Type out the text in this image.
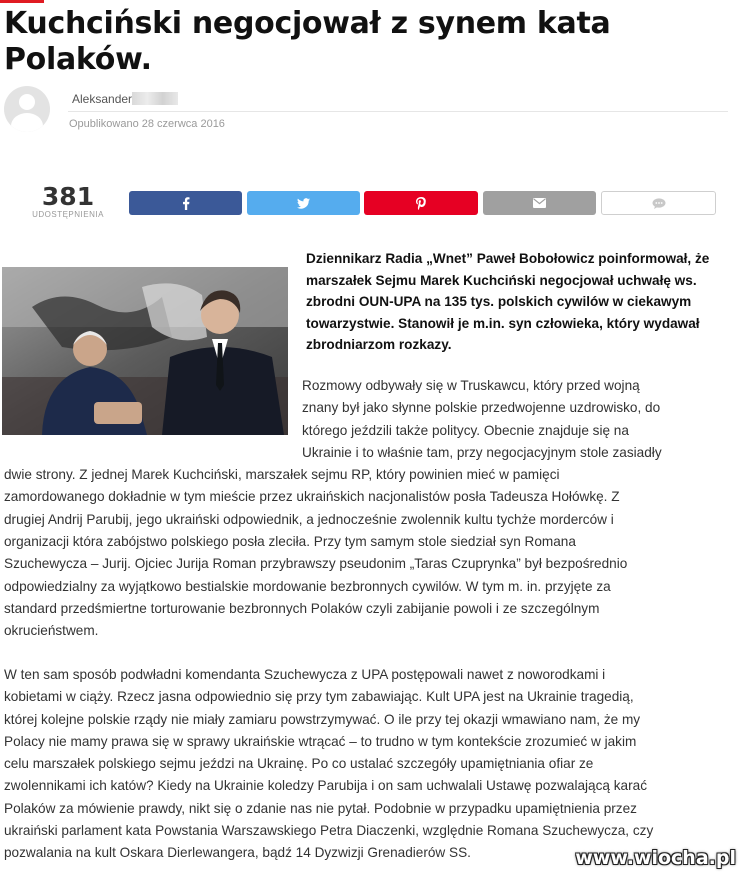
Kuchciński negocjował z synem kata Polaków.
Aleksander
Opublikowano 28 czerwca 2016
381
UDOSTĘPNIENIA

Dziennikarz Radia „Wnet” Paweł Bobołowicz poinformował, że marszałek Sejmu Marek Kuchciński negocjował uchwałę ws. zbrodni OUN-UPA na 135 tys. polskich cywilów w ciekawym towarzystwie. Stanowił je m.in. syn człowieka, który wydawał zbrodniarzom rozkazy.

Rozmowy odbywały się w Truskawcu, który przed wojną
znany był jako słynne polskie przedwojenne uzdrowisko, do
którego jeździli także politycy. Obecnie znajduje się na
Ukrainie i to właśnie tam, przy negocjacyjnym stole zasiadły
dwie strony. Z jednej Marek Kuchciński, marszałek sejmu RP, który powinien mieć w pamięci
zamordowanego dokładnie w tym mieście przez ukraińskich nacjonalistów posła Tadeusza Hołówkę. Z
drugiej Andrij Parubij, jego ukraiński odpowiednik, a jednocześnie zwolennik kultu tychże morderców i
organizacji która zabójstwo polskiego posła zleciła. Przy tym samym stole siedział syn Romana
Szuchewycza – Jurij. Ojciec Jurija Roman przybrawszy pseudonim „Taras Czuprynka” był bezpośrednio
odpowiedzialny za wyjątkowo bestialskie mordowanie bezbronnych cywilów. W tym m. in. przyjęte za
standard przedśmiertne torturowanie bezbronnych Polaków czyli zabijanie powoli i ze szczególnym
okrucieństwem.
W ten sam sposób podwładni komendanta Szuchewycza z UPA postępowali nawet z noworodkami i
kobietami w ciąży. Rzecz jasna odpowiednio się przy tym zabawiając. Kult UPA jest na Ukrainie tragedią,
której kolejne polskie rządy nie miały zamiaru powstrzymywać. O ile przy tej okazji wmawiano nam, że my
Polacy nie mamy prawa się w sprawy ukraińskie wtrącać – to trudno w tym kontekście zrozumieć w jakim
celu marszałek polskiego sejmu jeździ na Ukrainę. Po co ustalać szczegóły upamiętniania ofiar ze
zwolennikami ich katów? Kiedy na Ukrainie koledzy Parubija i on sam uchwalali Ustawę pozwalającą karać
Polaków za mówienie prawdy, nikt się o zdanie nas nie pytał. Podobnie w przypadku upamiętnienia przez
ukraiński parlament kata Powstania Warszawskiego Petra Diaczenki, względnie Romana Szuchewycza, czy
pozwalania na kult Oskara Dierlewangera, bądź 14 Dyzwizji Grenadierów SS.	www.wiocha.pl
